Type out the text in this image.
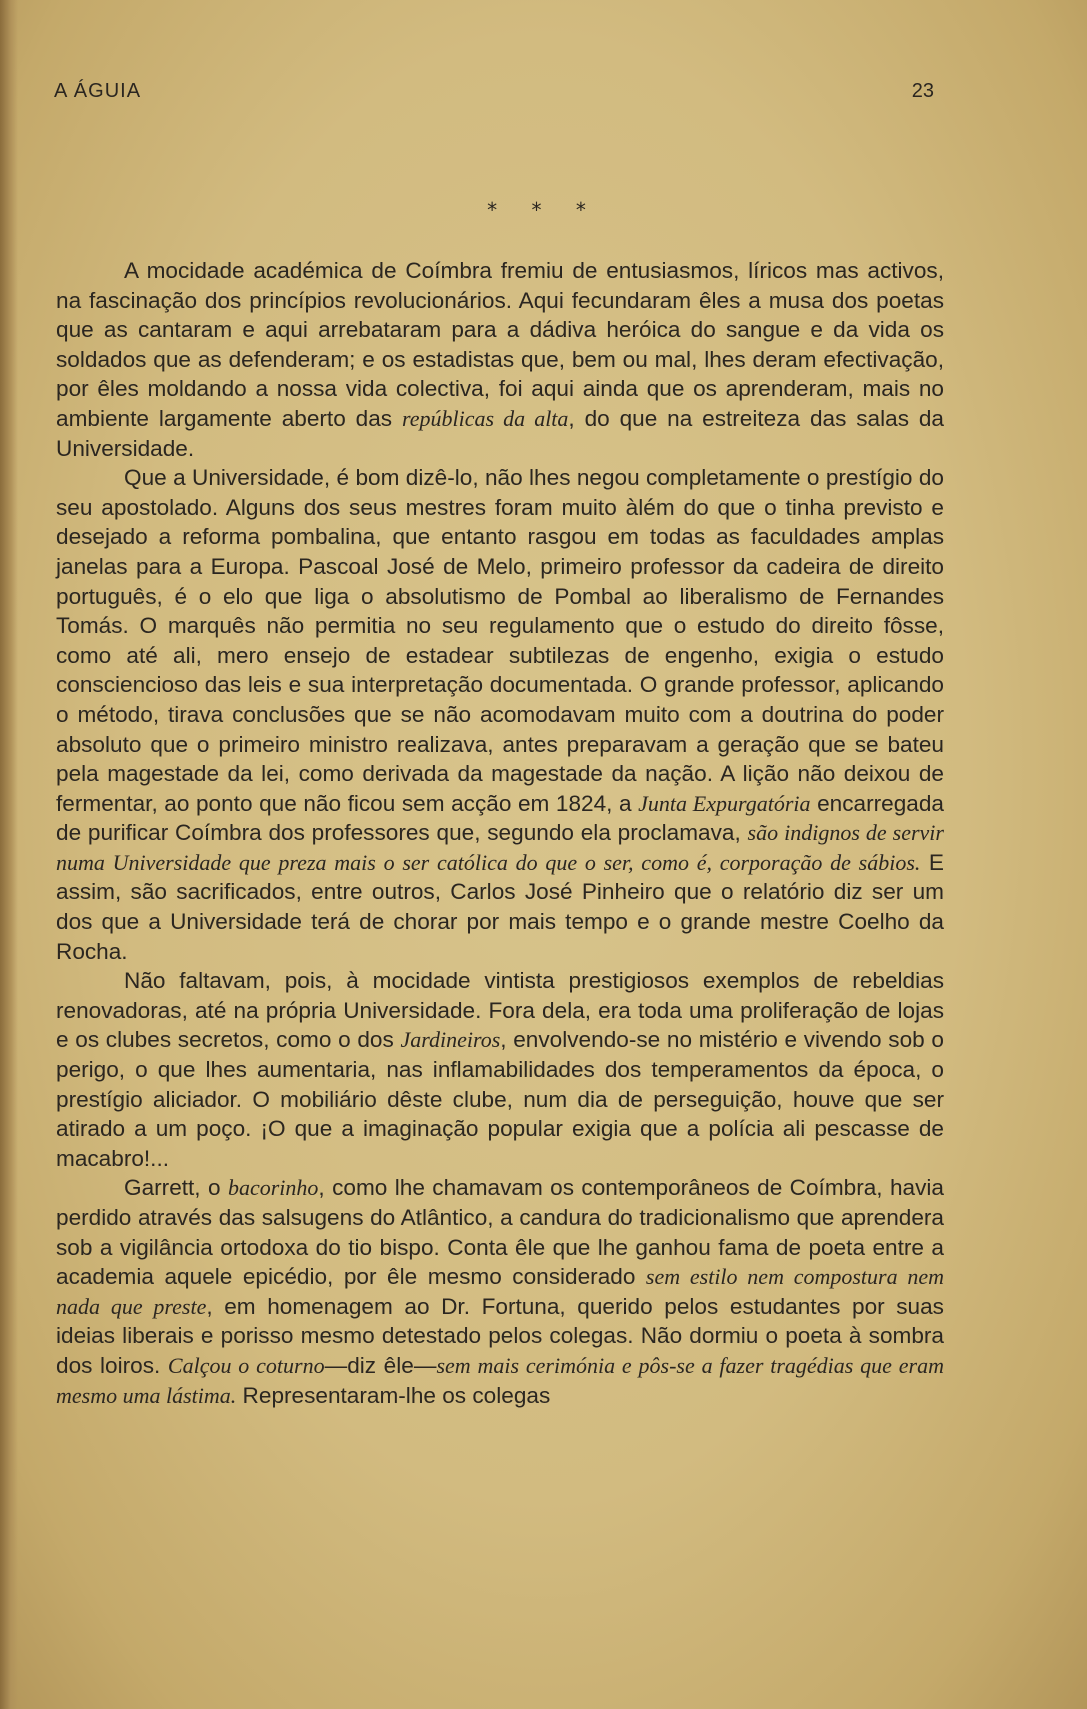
A ÁGUIA	23
* * *

A mocidade académica de Coímbra fremiu de entusiasmos, líricos mas activos, na fascinação dos princípios revolucionários. Aqui fecundaram êles a musa dos poetas que as cantaram e aqui arrebataram para a dádiva heróica do sangue e da vida os soldados que as defenderam; e os estadistas que, bem ou mal, lhes deram efectivação, por êles moldando a nossa vida colectiva, foi aqui ainda que os aprenderam, mais no ambiente largamente aberto das repúblicas da alta, do que na estreiteza das salas da Universidade.

Que a Universidade, é bom dizê-lo, não lhes negou completamente o prestígio do seu apostolado. Alguns dos seus mestres foram muito àlém do que o tinha previsto e desejado a reforma pombalina, que entanto rasgou em todas as faculdades amplas janelas para a Europa. Pascoal José de Melo, primeiro professor da cadeira de direito português, é o elo que liga o absolutismo de Pombal ao liberalismo de Fernandes Tomás. O marquês não permitia no seu regulamento que o estudo do direito fôsse, como até ali, mero ensejo de estadear subtilezas de engenho, exigia o estudo consciencioso das leis e sua interpretação documentada. O grande professor, aplicando o método, tirava conclusões que se não acomodavam muito com a doutrina do poder absoluto que o primeiro ministro realizava, antes preparavam a geração que se bateu pela magestade da lei, como derivada da magestade da nação. A lição não deixou de fermentar, ao ponto que não ficou sem acção em 1824, a Junta Expurgatória encarregada de purificar Coímbra dos professores que, segundo ela proclamava, são indignos de servir numa Universidade que preza mais o ser católica do que o ser, como é, corporação de sábios. E assim, são sacrificados, entre outros, Carlos José Pinheiro que o relatório diz ser um dos que a Universidade terá de chorar por mais tempo e o grande mestre Coelho da Rocha.

Não faltavam, pois, à mocidade vintista prestigiosos exemplos de rebeldias renovadoras, até na própria Universidade. Fora dela, era toda uma proliferação de lojas e os clubes secretos, como o dos Jardineiros, envolvendo-se no mistério e vivendo sob o perigo, o que lhes aumentaria, nas inflamabilidades dos temperamentos da época, o prestígio aliciador. O mobiliário dêste clube, num dia de perseguição, houve que ser atirado a um poço. ¡O que a imaginação popular exigia que a polícia ali pescasse de macabro!...

Garrett, o bacorinho, como lhe chamavam os contemporâneos de Coímbra, havia perdido através das salsugens do Atlântico, a candura do tradicionalismo que aprendera sob a vigilância ortodoxa do tio bispo. Conta êle que lhe ganhou fama de poeta entre a academia aquele epicédio, por êle mesmo considerado sem estilo nem compostura nem nada que preste, em homenagem ao Dr. Fortuna, querido pelos estudantes por suas ideias liberais e porisso mesmo detestado pelos colegas. Não dormiu o poeta à sombra dos loiros. Calçou o coturno—diz êle—sem mais cerimónia e pôs-se a fazer tragédias que eram mesmo uma lástima. Representaram-lhe os colegas
